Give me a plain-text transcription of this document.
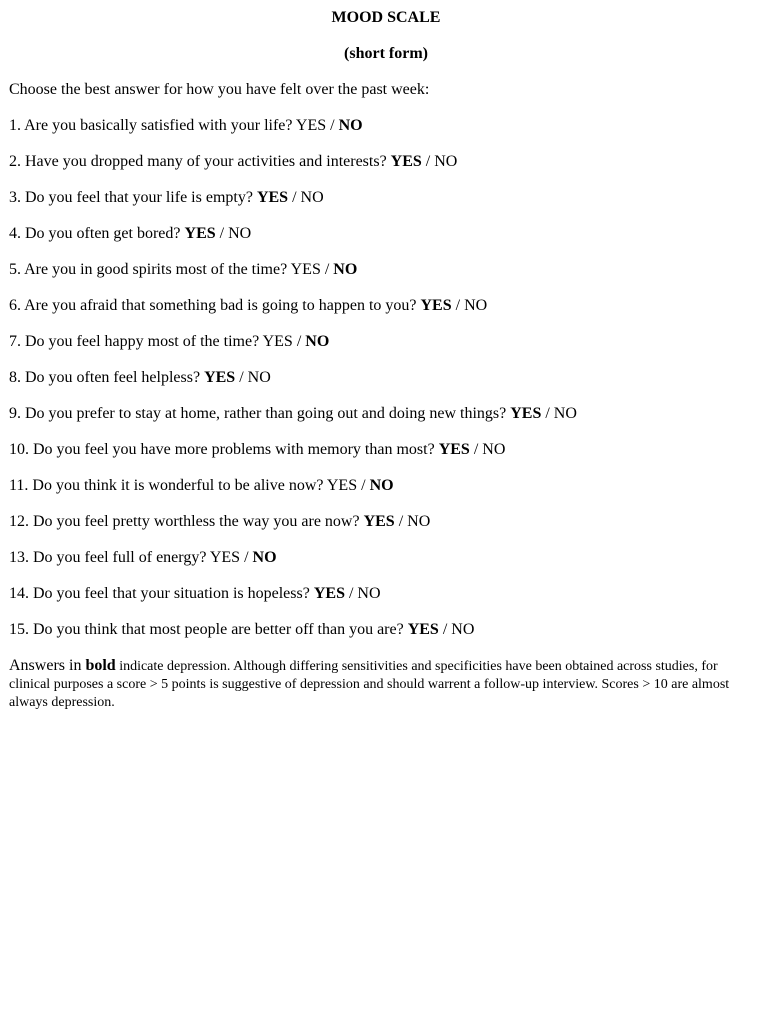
MOOD SCALE

(short form)

Choose the best answer for how you have felt over the past week:

1. Are you basically satisfied with your life? YES / NO
2. Have you dropped many of your activities and interests? YES / NO
3. Do you feel that your life is empty? YES / NO
4. Do you often get bored? YES / NO
5. Are you in good spirits most of the time? YES / NO
6. Are you afraid that something bad is going to happen to you? YES / NO
7. Do you feel happy most of the time? YES / NO
8. Do you often feel helpless? YES / NO
9. Do you prefer to stay at home, rather than going out and doing new things? YES / NO
10. Do you feel you have more problems with memory than most? YES / NO
11. Do you think it is wonderful to be alive now? YES / NO
12. Do you feel pretty worthless the way you are now? YES / NO
13. Do you feel full of energy? YES / NO
14. Do you feel that your situation is hopeless? YES / NO
15. Do you think that most people are better off than you are? YES / NO

Answers in bold indicate depression. Although differing sensitivities and specificities have been obtained across studies, for clinical purposes a score > 5 points is suggestive of depression and should warrent a follow-up interview. Scores > 10 are almost always depression.
